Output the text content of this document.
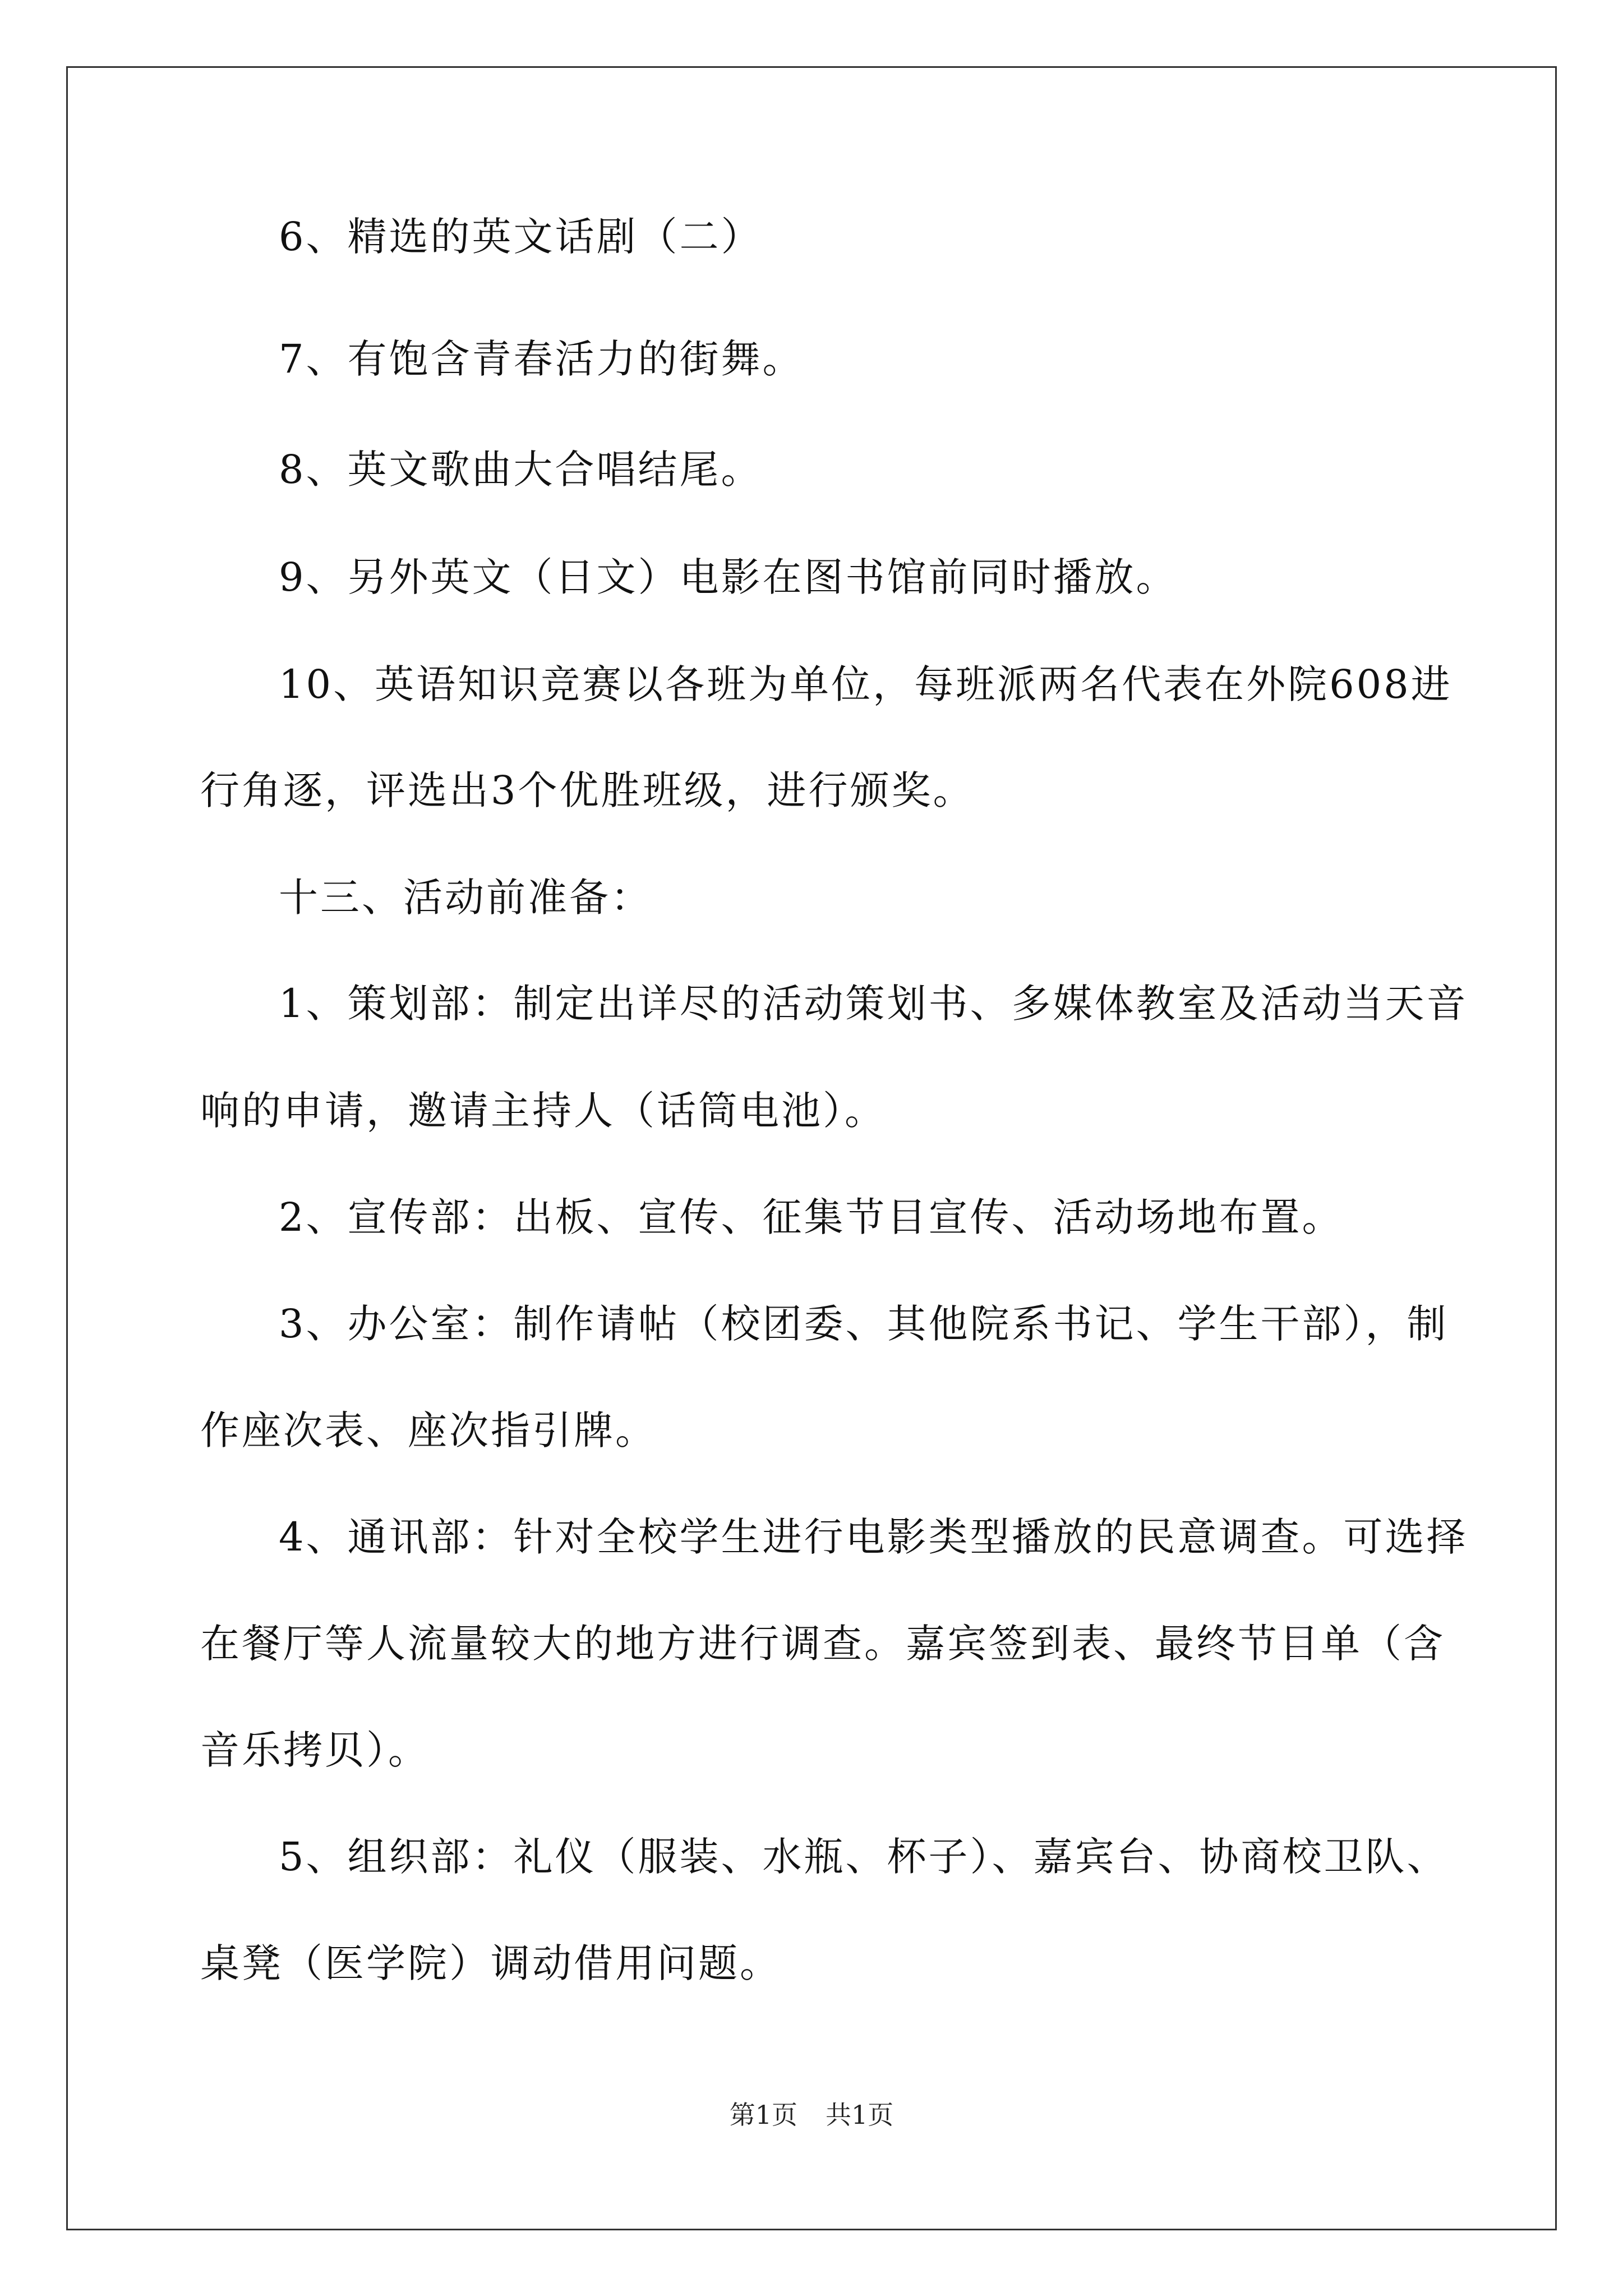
6、精选的英文话剧（二）
7、有饱含青春活力的街舞。
8、英文歌曲大合唱结尾。
9、另外英文（日文）电影在图书馆前同时播放。
10、英语知识竞赛以各班为单位，每班派两名代表在外院608进
行角逐，评选出3个优胜班级，进行颁奖。
十三、活动前准备：
1、策划部：制定出详尽的活动策划书、多媒体教室及活动当天音
响的申请，邀请主持人（话筒电池）。
2、宣传部：出板、宣传、征集节目宣传、活动场地布置。
3、办公室：制作请帖（校团委、其他院系书记、学生干部），制
作座次表、座次指引牌。
4、通讯部：针对全校学生进行电影类型播放的民意调查。可选择
在餐厅等人流量较大的地方进行调查。嘉宾签到表、最终节目单（含
音乐拷贝）。
5、组织部：礼仪（服装、水瓶、杯子）、嘉宾台、协商校卫队、
桌凳（医学院）调动借用问题。
第1页 共1页
